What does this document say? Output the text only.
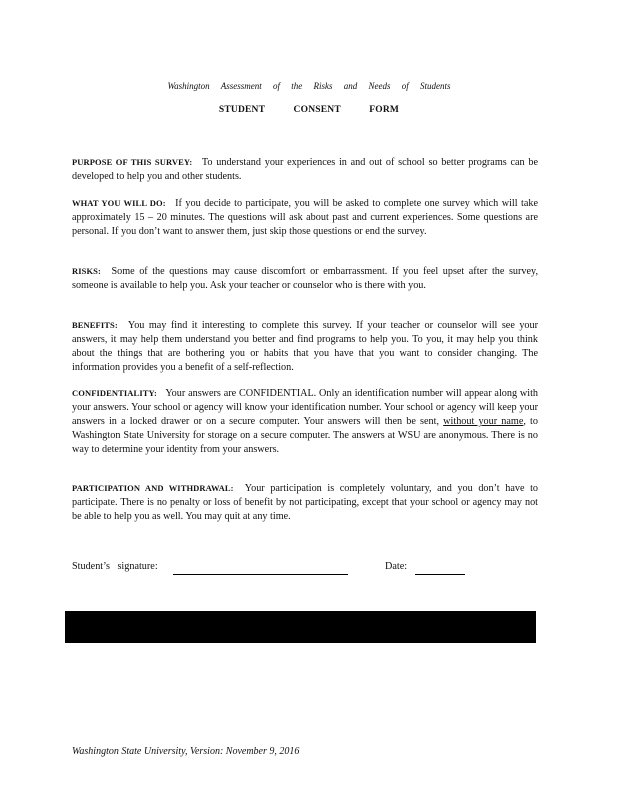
Washington Assessment of the Risks and Needs of Students
STUDENT CONSENT FORM
PURPOSE OF THIS SURVEY: To understand your experiences in and out of school so better programs can be developed to help you and other students.
WHAT YOU WILL DO: If you decide to participate, you will be asked to complete one survey which will take approximately 15 – 20 minutes. The questions will ask about past and current experiences. Some questions are personal. If you don’t want to answer them, just skip those questions or end the survey.
RISKS: Some of the questions may cause discomfort or embarrassment. If you feel upset after the survey, someone is available to help you. Ask your teacher or counselor who is there with you.
BENEFITS: You may find it interesting to complete this survey. If your teacher or counselor will see your answers, it may help them understand you better and find programs to help you. To you, it may help you think about the things that are bothering you or habits that you have that you want to consider changing. The information provides you a benefit of a self-reflection.
CONFIDENTIALITY: Your answers are CONFIDENTIAL. Only an identification number will appear along with your answers. Your school or agency will know your identification number. Your school or agency will keep your answers in a locked drawer or on a secure computer. Your answers will then be sent, without your name, to Washington State University for storage on a secure computer. The answers at WSU are anonymous. There is no way to determine your identity from your answers.
PARTICIPATION AND WITHDRAWAL: Your participation is completely voluntary, and you don’t have to participate. There is no penalty or loss of benefit by not participating, except that your school or agency may not be able to help you as well. You may quit at any time.
Student’s signature:	Date:
Washington State University, Version: November 9, 2016
